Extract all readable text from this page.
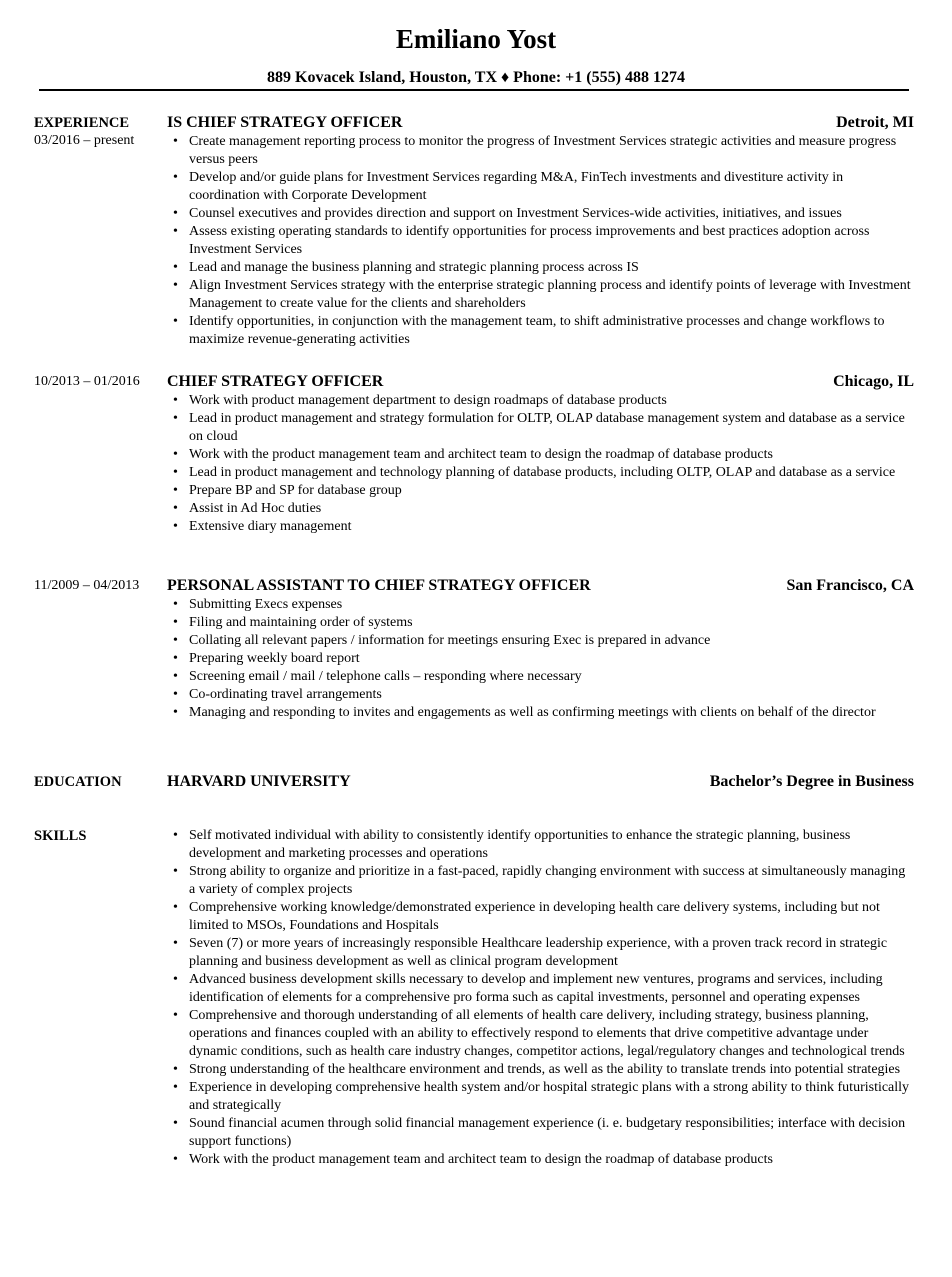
Emiliano Yost
889 Kovacek Island, Houston, TX ♦ Phone: +1 (555) 488 1274
EXPERIENCE
03/2016 – present
IS CHIEF STRATEGY OFFICER	Detroit, MI
• Create management reporting process to monitor the progress of Investment Services strategic activities and measure progress versus peers
• Develop and/or guide plans for Investment Services regarding M&A, FinTech investments and divestiture activity in coordination with Corporate Development
• Counsel executives and provides direction and support on Investment Services-wide activities, initiatives, and issues
• Assess existing operating standards to identify opportunities for process improvements and best practices adoption across Investment Services
• Lead and manage the business planning and strategic planning process across IS
• Align Investment Services strategy with the enterprise strategic planning process and identify points of leverage with Investment Management to create value for the clients and shareholders
• Identify opportunities, in conjunction with the management team, to shift administrative processes and change workflows to maximize revenue-generating activities
10/2013 – 01/2016	CHIEF STRATEGY OFFICER	Chicago, IL
• Work with product management department to design roadmaps of database products
• Lead in product management and strategy formulation for OLTP, OLAP database management system and database as a service on cloud
• Work with the product management team and architect team to design the roadmap of database products
• Lead in product management and technology planning of database products, including OLTP, OLAP and database as a service
• Prepare BP and SP for database group
• Assist in Ad Hoc duties
• Extensive diary management
11/2009 – 04/2013	PERSONAL ASSISTANT TO CHIEF STRATEGY OFFICER	San Francisco, CA
• Submitting Execs expenses
• Filing and maintaining order of systems
• Collating all relevant papers / information for meetings ensuring Exec is prepared in advance
• Preparing weekly board report
• Screening email / mail / telephone calls – responding where necessary
• Co-ordinating travel arrangements
• Managing and responding to invites and engagements as well as confirming meetings with clients on behalf of the director
EDUCATION	HARVARD UNIVERSITY	Bachelor’s Degree in Business
SKILLS
•	Self motivated individual with ability to consistently identify opportunities to enhance the strategic planning, business development and marketing processes and operations
• Strong ability to organize and prioritize in a fast-paced, rapidly changing environment with success at simultaneously managing a variety of complex projects
• Comprehensive working knowledge/demonstrated experience in developing health care delivery systems, including but not limited to MSOs, Foundations and Hospitals
• Seven (7) or more years of increasingly responsible Healthcare leadership experience, with a proven track record in strategic planning and business development as well as clinical program development
• Advanced business development skills necessary to develop and implement new ventures, programs and services, including identification of elements for a comprehensive pro forma such as capital investments, personnel and operating expenses
• Comprehensive and thorough understanding of all elements of health care delivery, including strategy, business planning, operations and finances coupled with an ability to effectively respond to elements that drive competitive advantage under dynamic conditions, such as health care industry changes, competitor actions, legal/regulatory changes and technological trends
• Strong understanding of the healthcare environment and trends, as well as the ability to translate trends into potential strategies
• Experience in developing comprehensive health system and/or hospital strategic plans with a strong ability to think futuristically and strategically
• Sound financial acumen through solid financial management experience (i. e. budgetary responsibilities; interface with decision support functions)
• Work with the product management team and architect team to design the roadmap of database products
